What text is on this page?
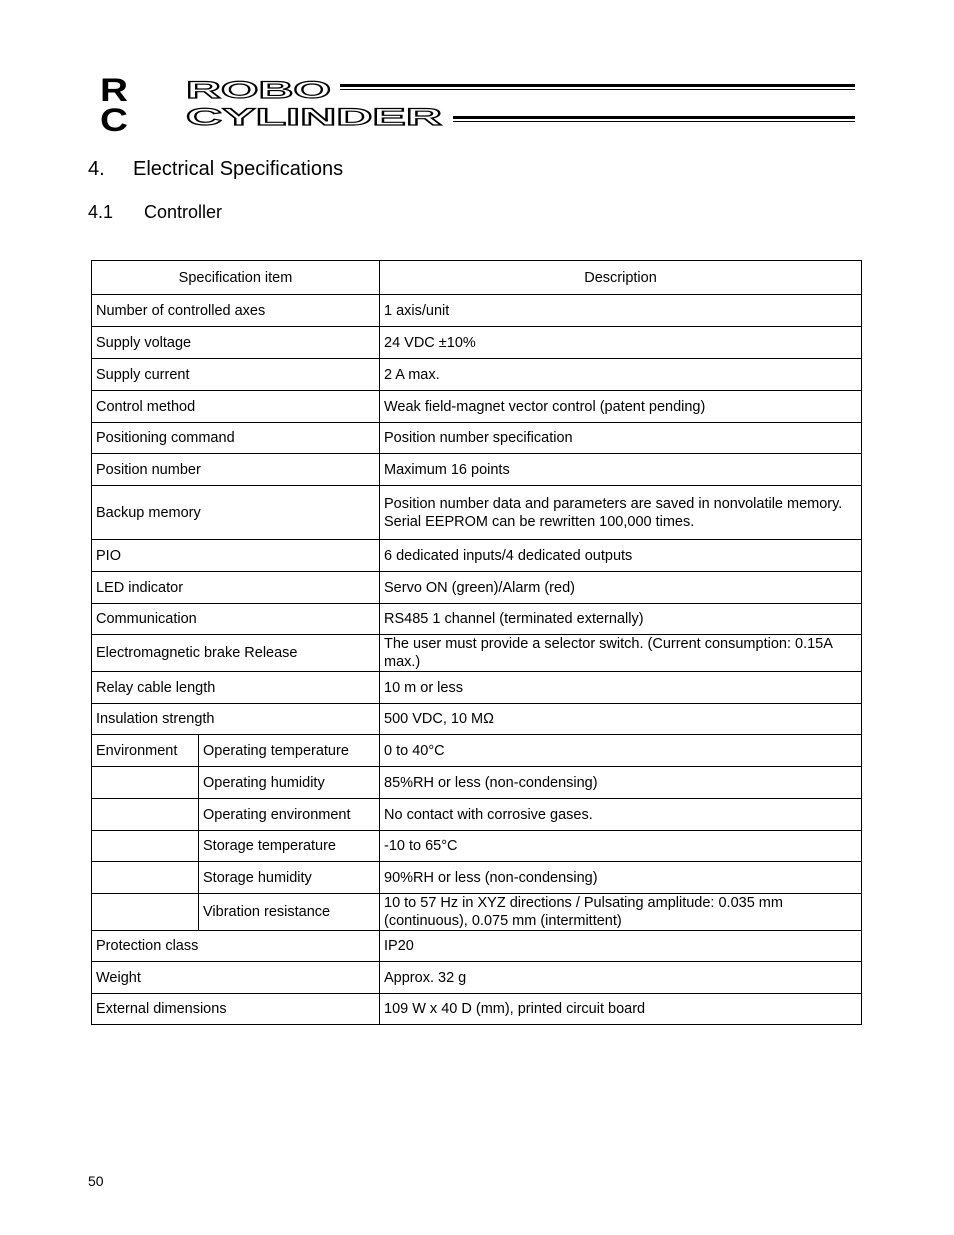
R
C
ROBO
CYLINDER
4. Electrical Specifications
4.1 Controller
Specification item		Description
Number of controlled axes		1 axis/unit
Supply voltage		24 VDC ±10%
Supply current		2 A max.
Control method		Weak field-magnet vector control (patent pending)
Positioning command		Position number specification
Position number		Maximum 16 points
Backup memory		Position number data and parameters are saved in nonvolatile memory.
Serial EEPROM can be rewritten 100,000 times.
PIO		6 dedicated inputs/4 dedicated outputs
LED indicator		Servo ON (green)/Alarm (red)
Communication		RS485 1 channel (terminated externally)
Electromagnetic brake Release		The user must provide a selector switch. (Current consumption: 0.15A max.)
Relay cable length		10 m or less
Insulation strength		500 VDC, 10 MΩ
Environment	Operating temperature	0 to 40°C
	Operating humidity	85%RH or less (non-condensing)
	Operating environment	No contact with corrosive gases.
	Storage temperature	-10 to 65°C
	Storage humidity	90%RH or less (non-condensing)
	Vibration resistance	10 to 57 Hz in XYZ directions / Pulsating amplitude: 0.035 mm (continuous), 0.075 mm (intermittent)
Protection class		IP20
Weight		Approx. 32 g
External dimensions		109 W x 40 D (mm), printed circuit board
50
